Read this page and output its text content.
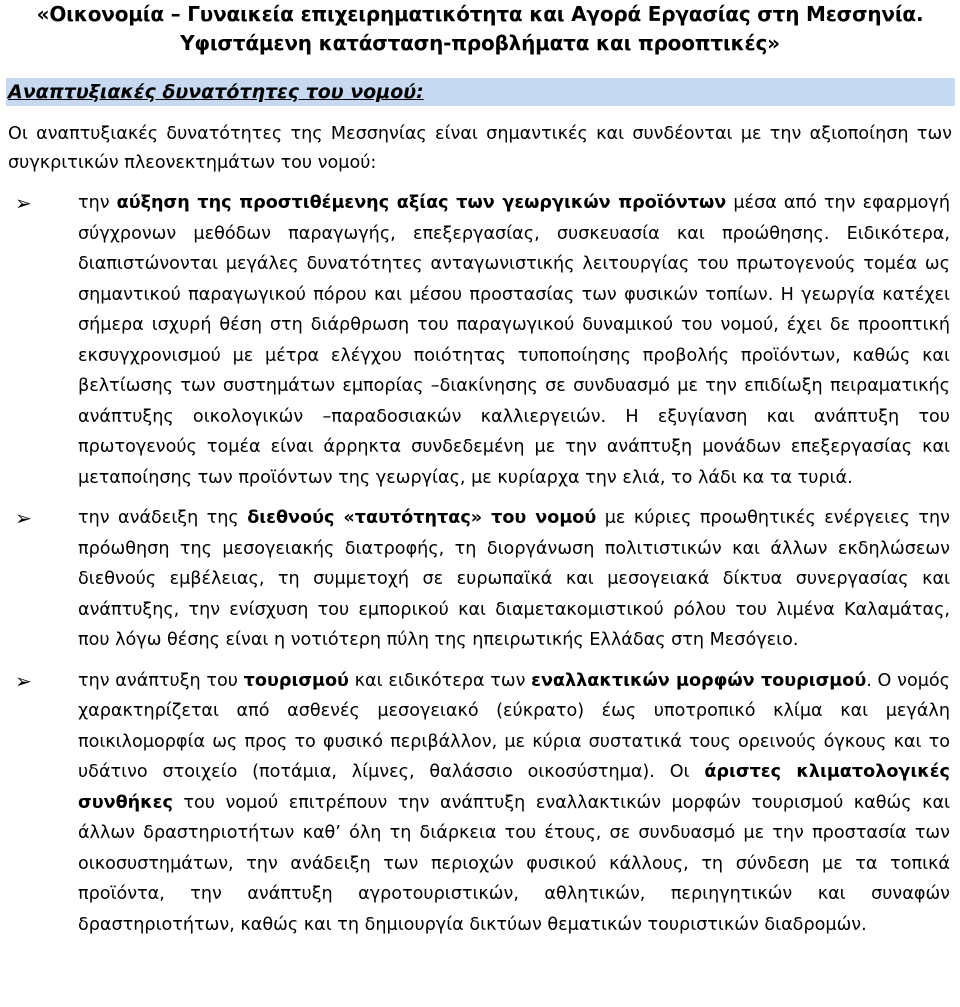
«Οικονομία – Γυναικεία επιχειρηματικότητα και Αγορά Εργασίας στη Μεσσηνία.
Υφιστάμενη κατάσταση-προβλήματα και προοπτικές»
Αναπτυξιακές δυνατότητες του νομού:

Οι αναπτυξιακές δυνατότητες της Μεσσηνίας είναι σημαντικές και συνδέονται με την αξιοποίηση των συγκριτικών πλεονεκτημάτων του νομού:

➢	την αύξηση της προστιθέμενης αξίας των γεωργικών προϊόντων μέσα από την εφαρμογή σύγχρονων μεθόδων παραγωγής, επεξεργασίας, συσκευασία και προώθησης. Ειδικότερα, διαπιστώνονται μεγάλες δυνατότητες ανταγωνιστικής λειτουργίας του πρωτογενούς τομέα ως σημαντικού παραγωγικού πόρου και μέσου προστασίας των φυσικών τοπίων. Η γεωργία κατέχει σήμερα ισχυρή θέση στη διάρθρωση του παραγωγικού δυναμικού του νομού, έχει δε προοπτική εκσυγχρονισμού με μέτρα ελέγχου ποιότητας τυποποίησης προβολής προϊόντων, καθώς και βελτίωσης των συστημάτων εμπορίας –διακίνησης σε συνδυασμό με την επιδίωξη πειραματικής ανάπτυξης οικολογικών –παραδοσιακών καλλιεργειών. Η εξυγίανση και ανάπτυξη του πρωτογενούς τομέα είναι άρρηκτα συνδεδεμένη με την ανάπτυξη μονάδων επεξεργασίας και μεταποίησης των προϊόντων της γεωργίας, με κυρίαρχα την ελιά, το λάδι κα τα τυριά.
➢	την ανάδειξη της διεθνούς «ταυτότητας» του νομού με κύριες προωθητικές ενέργειες την πρόωθηση της μεσογειακής διατροφής, τη διοργάνωση πολιτιστικών και άλλων εκδηλώσεων διεθνούς εμβέλειας, τη συμμετοχή σε ευρωπαϊκά και μεσογειακά δίκτυα συνεργασίας και ανάπτυξης, την ενίσχυση του εμπορικού και διαμετακομιστικού ρόλου του λιμένα Καλαμάτας, που λόγω θέσης είναι η νοτιότερη πύλη της ηπειρωτικής Ελλάδας στη Μεσόγειο.
➢	την ανάπτυξη του τουρισμού και ειδικότερα των εναλλακτικών μορφών τουρισμού. Ο νομός χαρακτηρίζεται από ασθενές μεσογειακό (εύκρατο) έως υποτροπικό κλίμα και μεγάλη ποικιλομορφία ως προς το φυσικό περιβάλλον, με κύρια συστατικά τους ορεινούς όγκους και το υδάτινο στοιχείο (ποτάμια, λίμνες, θαλάσσιο οικοσύστημα). Οι άριστες κλιματολογικές συνθήκες του νομού επιτρέπουν την ανάπτυξη εναλλακτικών μορφών τουρισμού καθώς και άλλων δραστηριοτήτων καθ’ όλη τη διάρκεια του έτους, σε συνδυασμό με την προστασία των οικοσυστημάτων, την ανάδειξη των περιοχών φυσικού κάλλους, τη σύνδεση με τα τοπικά προϊόντα, την ανάπτυξη αγροτουριστικών, αθλητικών, περιηγητικών και συναφών δραστηριοτήτων, καθώς και τη δημιουργία δικτύων θεματικών τουριστικών διαδρομών.
